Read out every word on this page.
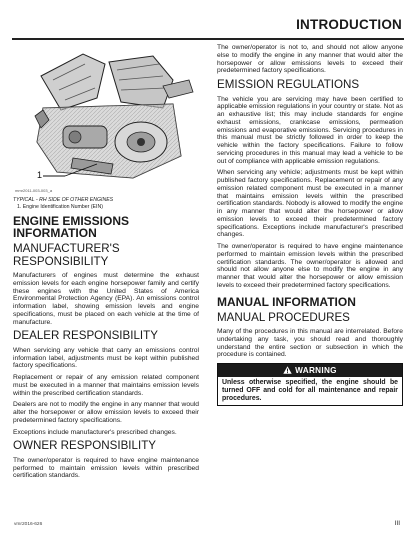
INTRODUCTION
1
mmr2011-003-003_a
TYPICAL - RH SIDE OF OTHER ENGINES
1. Engine Identification Number (EIN)
ENGINE EMISSIONS INFORMATION
MANUFACTURER'S RESPONSIBILITY

Manufacturers of engines must determine the exhaust emission levels for each engine horsepower family and certify these engines with the United States of America Environmental Protection Agency (EPA). An emissions control information label, showing emission levels and engine specifications, must be placed on each vehicle at the time of manufacture.

DEALER RESPONSIBILITY

When servicing any vehicle that carry an emissions control information label, adjustments must be kept within published factory specifications.

Replacement or repair of any emission related component must be executed in a manner that maintains emission levels within the prescribed certification standards.

Dealers are not to modify the engine in any manner that would alter the horsepower or allow emission levels to exceed their predetermined factory specifications.

Exceptions include manufacturer's prescribed changes.

OWNER RESPONSIBILITY

The owner/operator is required to have engine maintenance performed to maintain emission levels within prescribed certification standards.

The owner/operator is not to, and should not allow anyone else to modify the engine in any manner that would alter the horsepower or allow emissions levels to exceed their predetermined factory specifications.

EMISSION REGULATIONS

The vehicle you are servicing may have been certified to applicable emission regulations in your country or state. Not as an exhaustive list; this may include standards for engine exhaust emissions, crankcase emissions, permeation emissions and evaporative emissions. Servicing procedures in this manual must be strictly followed in order to keep the vehicle within the factory specifications. Failure to follow servicing procedures in this manual may lead a vehicle to be out of compliance with applicable emission regulations.

When servicing any vehicle; adjustments must be kept within published factory specifications. Replacement or repair of any emission related component must be executed in a manner that maintains emission levels within the prescribed certification standards. Nobody is allowed to modify the engine in any manner that would alter the horsepower or allow emission levels to exceed their predetermined factory specifications. Exceptions include manufacturer's prescribed changes.

The owner/operator is required to have engine maintenance performed to maintain emission levels within the prescribed certification standards. The owner/operator is allowed and should not allow anyone else to modify the engine in any manner that would alter the horsepower or allow emission levels to exceed their predetermined factory specifications.

MANUAL INFORMATION
MANUAL PROCEDURES

Many of the procedures in this manual are interrelated. Before undertaking any task, you should read and thoroughly understand the entire section or subsection in which the procedure is contained.

WARNING
Unless otherwise specified, the engine should be turned OFF and cold for all maintenance and repair procedures.
vmr2016-626	III
